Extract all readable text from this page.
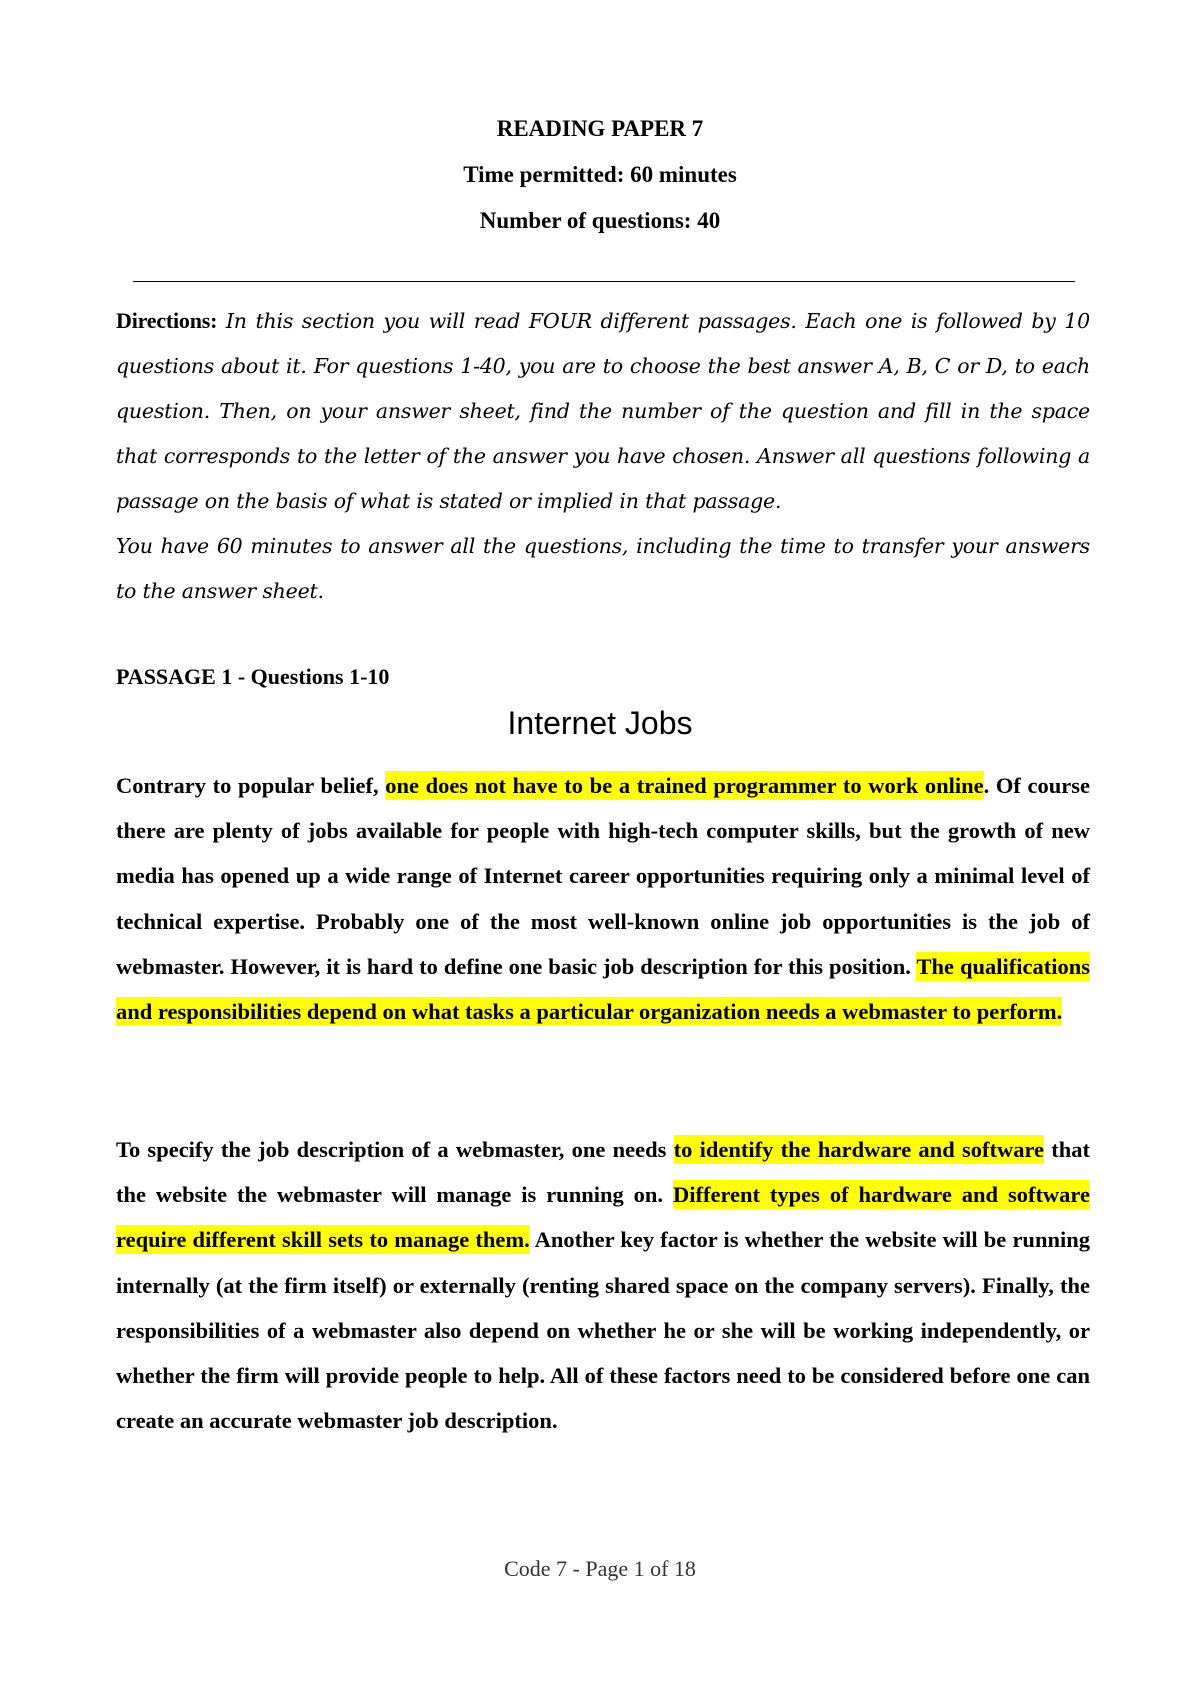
READING PAPER 7
Time permitted: 60 minutes
Number of questions: 40

Directions: In this section you will read FOUR different passages. Each one is followed by 10 questions about it. For questions 1-40, you are to choose the best answer A, B, C or D, to each question. Then, on your answer sheet, find the number of the question and fill in the space that corresponds to the letter of the answer you have chosen. Answer all questions following a passage on the basis of what is stated or implied in that passage.

You have 60 minutes to answer all the questions, including the time to transfer your answers to the answer sheet.

PASSAGE 1 - Questions 1-10
Internet Jobs

Contrary to popular belief, one does not have to be a trained programmer to work online. Of course there are plenty of jobs available for people with high-tech computer skills, but the growth of new media has opened up a wide range of Internet career opportunities requiring only a minimal level of technical expertise. Probably one of the most well-known online job opportunities is the job of webmaster. However, it is hard to define one basic job description for this position. The qualifications and responsibilities depend on what tasks a particular organization needs a webmaster to perform.

To specify the job description of a webmaster, one needs to identify the hardware and software that the website the webmaster will manage is running on. Different types of hardware and software require different skill sets to manage them. Another key factor is whether the website will be running internally (at the firm itself) or externally (renting shared space on the company servers). Finally, the responsibilities of a webmaster also depend on whether he or she will be working independently, or whether the firm will provide people to help. All of these factors need to be considered before one can create an accurate webmaster job description.

Code 7 - Page 1 of 18
